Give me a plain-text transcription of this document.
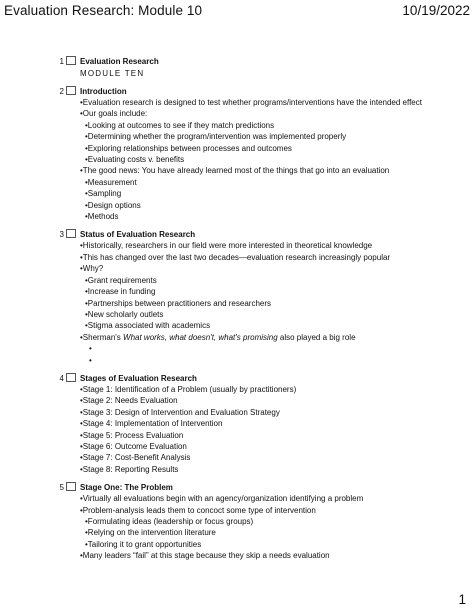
Evaluation Research: Module 10	10/19/2022
1 Evaluation Research
MODULE TEN
2 Introduction
•Evaluation research is designed to test whether programs/interventions have the intended effect
•Our goals include:
•Looking at outcomes to see if they match predictions
•Determining whether the program/intervention was implemented properly
•Exploring relationships between processes and outcomes
•Evaluating costs v. benefits
•The good news: You have already learned most of the things that go into an evaluation
•Measurement
•Sampling
•Design options
•Methods
3 Status of Evaluation Research
•Historically, researchers in our field were more interested in theoretical knowledge
•This has changed over the last two decades—evaluation research increasingly popular
•Why?
•Grant requirements
•Increase in funding
•Partnerships between practitioners and researchers
•New scholarly outlets
•Stigma associated with academics
•Sherman's What works, what doesn't, what's promising also played a big role
•
•
4 Stages of Evaluation Research
•Stage 1: Identification of a Problem (usually by practitioners)
•Stage 2: Needs Evaluation
•Stage 3: Design of Intervention and Evaluation Strategy
•Stage 4: Implementation of Intervention
•Stage 5: Process Evaluation
•Stage 6: Outcome Evaluation
•Stage 7: Cost-Benefit Analysis
•Stage 8: Reporting Results
5 Stage One: The Problem
•Virtually all evaluations begin with an agency/organization identifying a problem
•Problem-analysis leads them to concoct some type of intervention
•Formulating ideas (leadership or focus groups)
•Relying on the intervention literature
•Tailoring it to grant opportunities
•Many leaders “fail” at this stage because they skip a needs evaluation
1
